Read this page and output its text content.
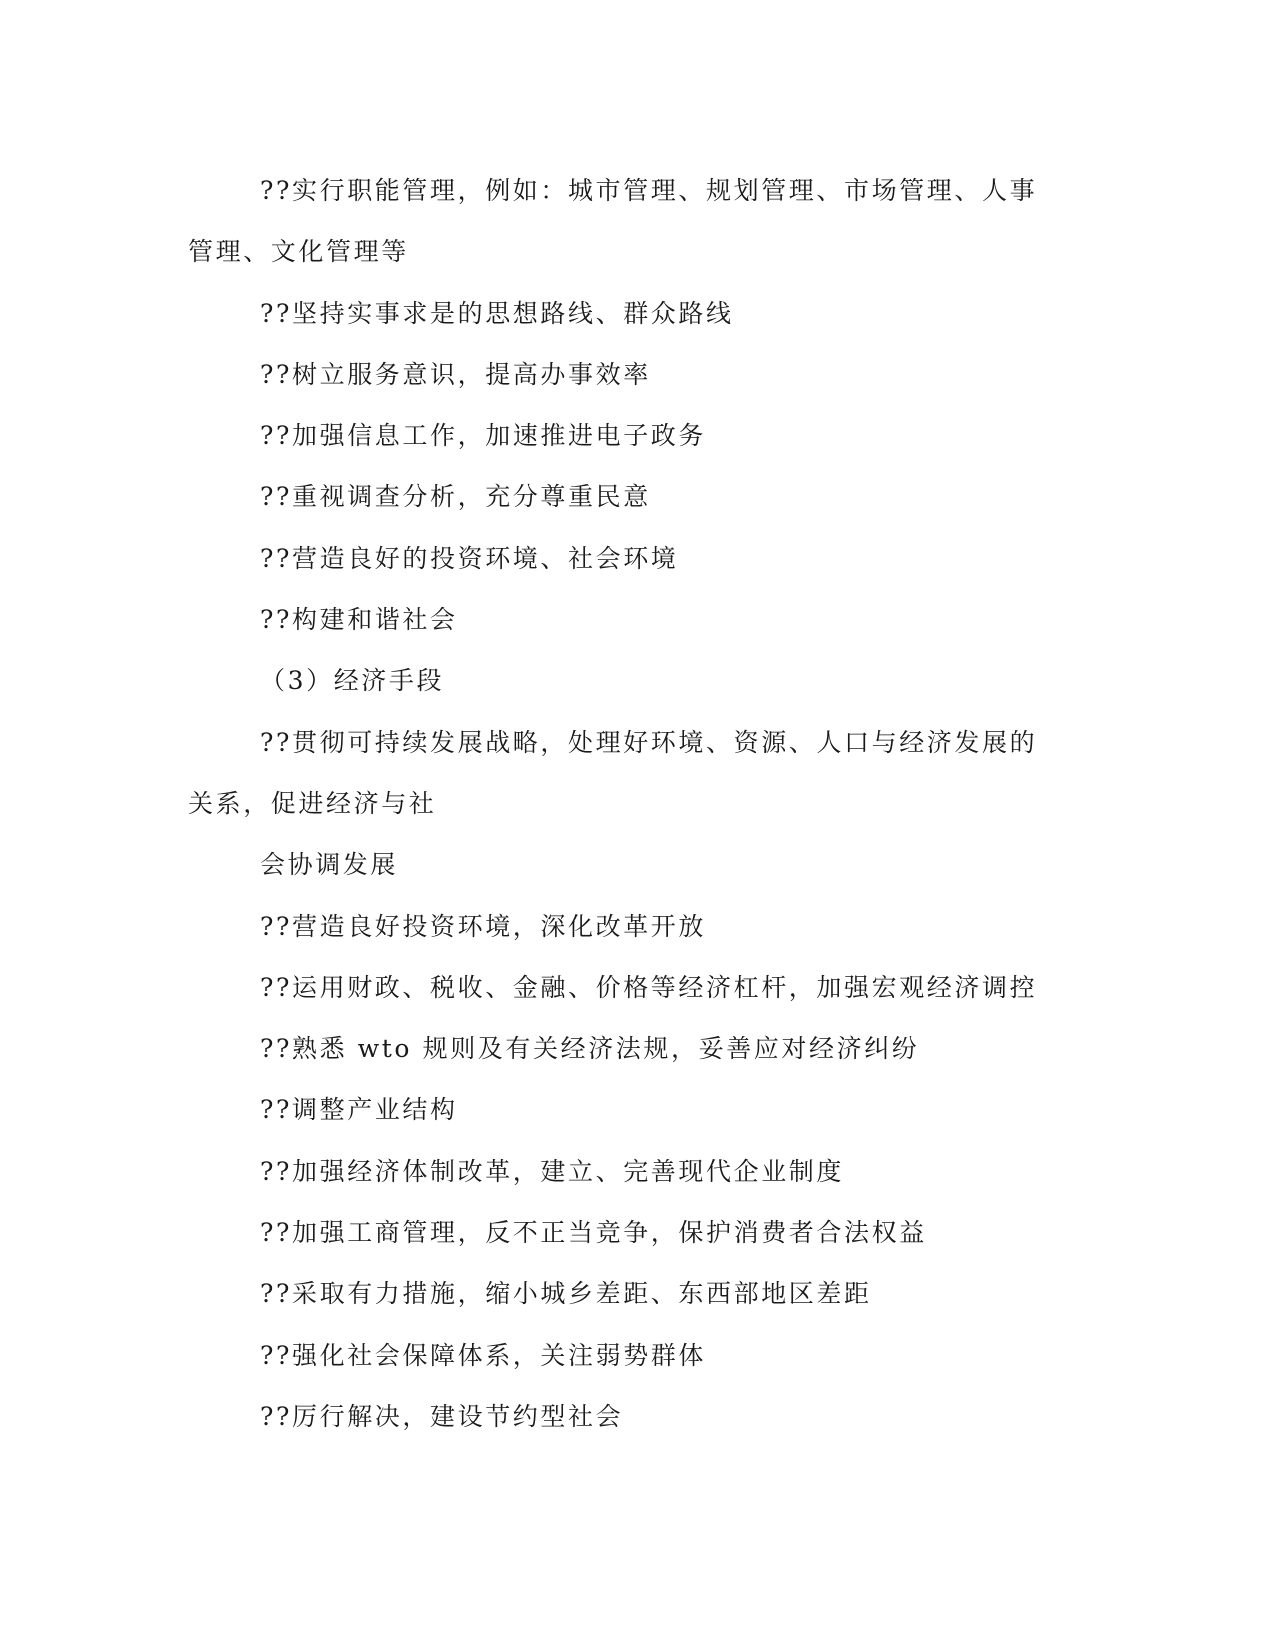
??实行职能管理，例如：城市管理、规划管理、市场管理、人事
管理、文化管理等
??坚持实事求是的思想路线、群众路线
??树立服务意识，提高办事效率
??加强信息工作，加速推进电子政务
??重视调查分析，充分尊重民意
??营造良好的投资环境、社会环境
??构建和谐社会
（3）经济手段
??贯彻可持续发展战略，处理好环境、资源、人口与经济发展的
关系，促进经济与社
会协调发展
??营造良好投资环境，深化改革开放
??运用财政、税收、金融、价格等经济杠杆，加强宏观经济调控
??熟悉 wto 规则及有关经济法规，妥善应对经济纠纷
??调整产业结构
??加强经济体制改革，建立、完善现代企业制度
??加强工商管理，反不正当竞争，保护消费者合法权益
??采取有力措施，缩小城乡差距、东西部地区差距
??强化社会保障体系，关注弱势群体
??厉行解决，建设节约型社会
